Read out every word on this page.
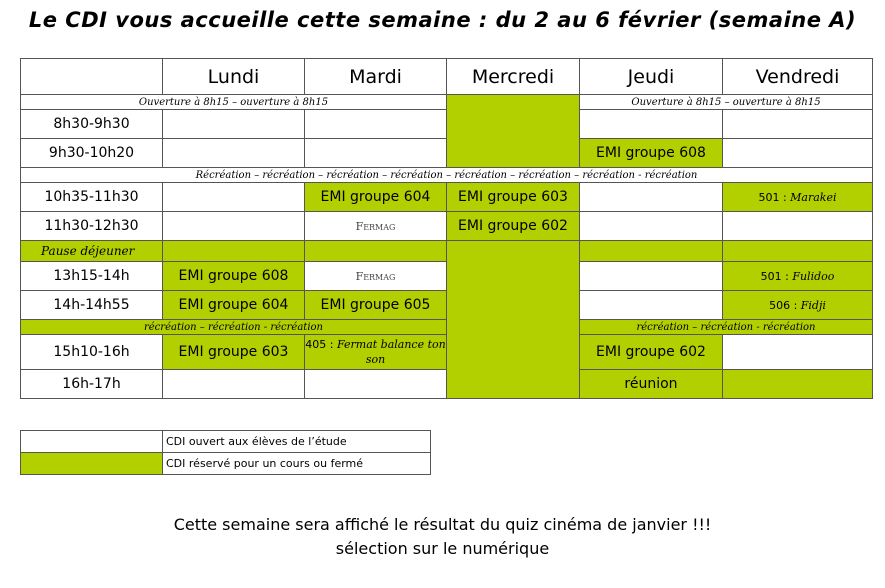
Le CDI vous accueille cette semaine : du 2 au 6 février (semaine A)
	Lundi	Mardi	Mercredi	Jeudi	Vendredi
Ouverture à 8h15 – ouverture à 8h15				Ouverture à 8h15 – ouverture à 8h15	
8h30-9h30					
9h30-10h20				EMI groupe 608	
Récréation – récréation – récréation – récréation – récréation – récréation – récréation - récréation					
10h35-11h30		EMI groupe 604	EMI groupe 603		501 : Marakei
11h30-12h30		Fermag	EMI groupe 602		
Pause déjeuner					
13h15-14h	EMI groupe 608	Fermag			501 : Fulidoo
14h-14h55	EMI groupe 604	EMI groupe 605			506 : Fidji
récréation – récréation - récréation				récréation – récréation - récréation	
15h10-16h	EMI groupe 603	405 : Fermat balance ton son		EMI groupe 602	
16h-17h				réunion	
	CDI ouvert aux élèves de l’étude
	CDI réservé pour un cours ou fermé
Cette semaine sera affiché le résultat du quiz cinéma de janvier !!!
sélection sur le numérique
